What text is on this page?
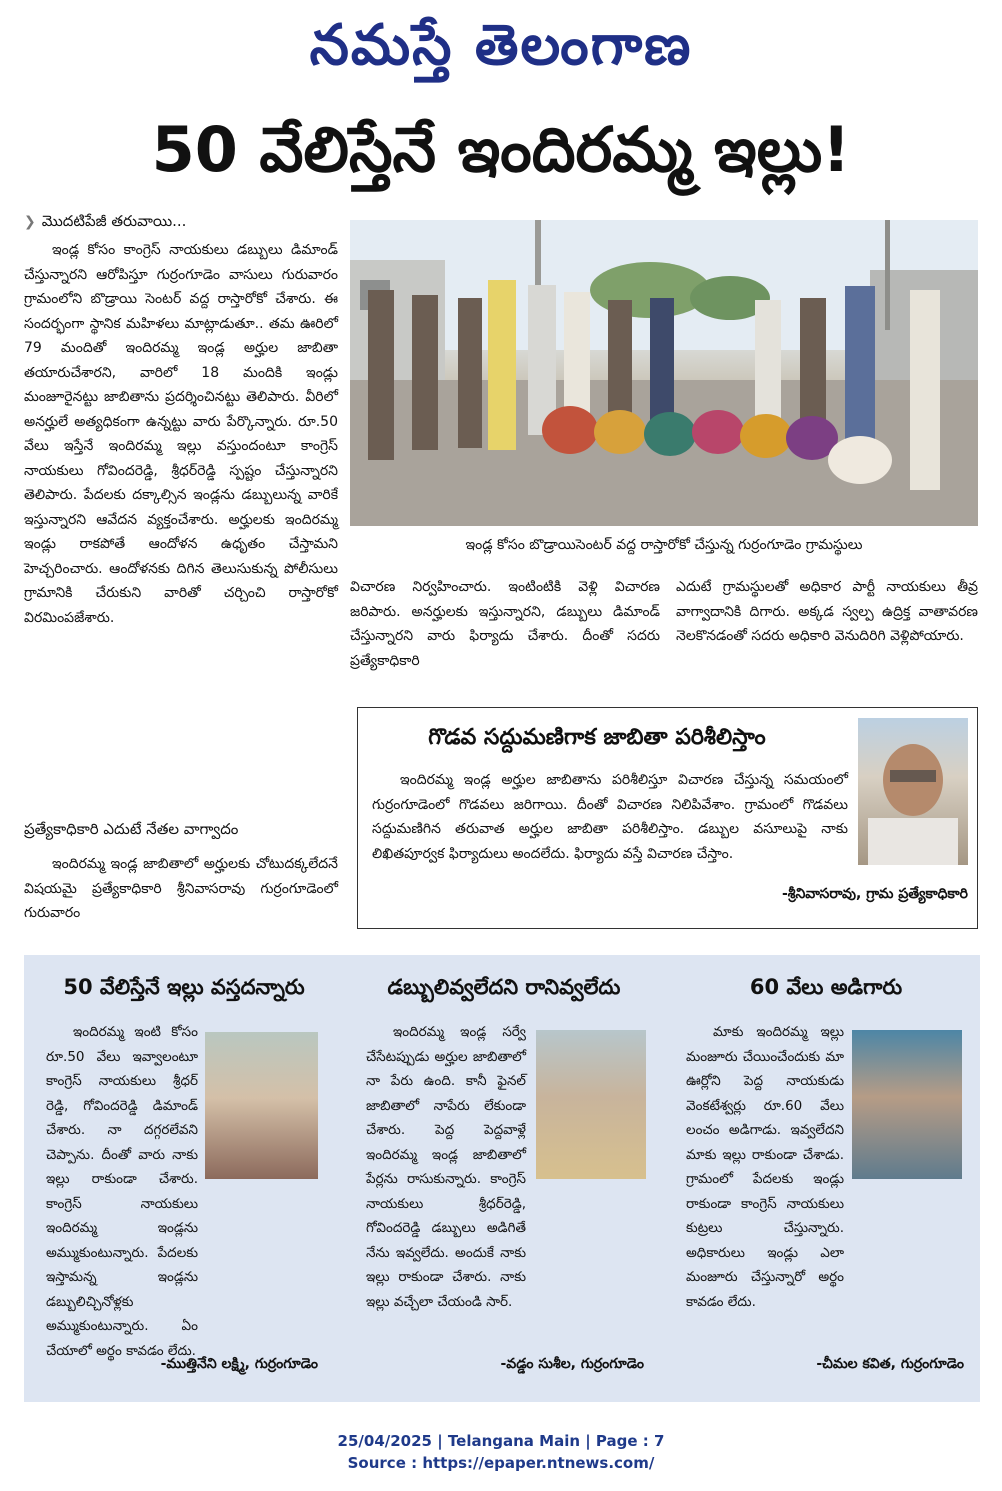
నమస్తే తెలంగాణ
50 వేలిస్తేనే ఇందిరమ్మ ఇల్లు!
❯ మొదటిపేజీ తరువాయి...

ఇండ్ల కోసం కాంగ్రెస్ నాయకులు డబ్బులు డిమాండ్ చేస్తున్నారని ఆరోపిస్తూ గుర్రంగూడెం వాసులు గురువారం గ్రామంలోని బొడ్రాయి సెంటర్ వద్ద రాస్తారోకో చేశారు. ఈ సందర్భంగా స్థానిక మహిళలు మాట్లాడుతూ.. తమ ఊరిలో 79 మందితో ఇందిరమ్మ ఇండ్ల అర్హుల జాబితా తయారుచేశారని, వారిలో 18 మందికి ఇండ్లు మంజూరైనట్టు జాబితాను ప్రదర్శించినట్టు తెలిపారు. వీరిలో అనర్హులే అత్యధికంగా ఉన్నట్టు వారు పేర్కొన్నారు. రూ.50 వేలు ఇస్తేనే ఇందిరమ్మ ఇల్లు వస్తుందంటూ కాంగ్రెస్ నాయకులు గోవిందరెడ్డి, శ్రీధర్‌రెడ్డి స్పష్టం చేస్తున్నారని తెలిపారు. పేదలకు దక్కాల్సిన ఇండ్లను డబ్బులున్న వారికే ఇస్తున్నారని ఆవేదన వ్యక్తంచేశారు. అర్హులకు ఇందిరమ్మ ఇండ్లు రాకపోతే ఆందోళన ఉధృతం చేస్తామని హెచ్చరించారు. ఆందోళనకు దిగిన తెలుసుకున్న పోలీసులు గ్రామానికి చేరుకుని వారితో చర్చించి రాస్తారోకో విరమింపజేశారు.

ప్రత్యేకాధికారి ఎదుటే నేతల వాగ్వాదం

ఇందిరమ్మ ఇండ్ల జాబితాలో అర్హులకు చోటుదక్కలేదనే విషయమై ప్రత్యేకాధికారి శ్రీనివాసరావు గుర్రంగూడెంలో గురువారం

ఇండ్ల కోసం బొడ్రాయిసెంటర్ వద్ద రాస్తారోకో చేస్తున్న గుర్రంగూడెం గ్రామస్థులు

విచారణ నిర్వహించారు. ఇంటింటికి వెళ్లి విచారణ జరిపారు. అనర్హులకు ఇస్తున్నారని, డబ్బులు డిమాండ్ చేస్తున్నారని వారు ఫిర్యాదు చేశారు. దీంతో సదరు ప్రత్యేకాధికారి

ఎదుటే గ్రామస్థులతో అధికార పార్టీ నాయకులు తీవ్ర వాగ్వాదానికి దిగారు. అక్కడ స్వల్ప ఉద్రిక్త వాతావరణ నెలకొనడంతో సదరు అధికారి వెనుదిరిగి వెళ్లిపోయారు.

గొడవ సద్దుమణిగాక జాబితా పరిశీలిస్తాం

ఇందిరమ్మ ఇండ్ల అర్హుల జాబితాను పరిశీలిస్తూ విచారణ చేస్తున్న సమయంలో గుర్రంగూడెంలో గొడవలు జరిగాయి. దీంతో విచారణ నిలిపివేశాం. గ్రామంలో గొడవలు సద్దుమణిగిన తరువాత అర్హుల జాబితా పరిశీలిస్తాం. డబ్బుల వసూలుపై నాకు లిఖితపూర్వక ఫిర్యాదులు అందలేదు. ఫిర్యాదు వస్తే విచారణ చేస్తాం.

-శ్రీనివాసరావు, గ్రామ ప్రత్యేకాధికారి
50 వేలిస్తేనే ఇల్లు వస్తదన్నారు

ఇందిరమ్మ ఇంటి కోసం రూ.50 వేలు ఇవ్వాలంటూ కాంగ్రెస్ నాయకులు శ్రీధర్ రెడ్డి, గోవిందరెడ్డి డిమాండ్ చేశారు. నా దగ్గరలేవని చెప్పాను. దీంతో వారు నాకు ఇల్లు రాకుండా చేశారు. కాంగ్రెస్ నాయకులు ఇందిరమ్మ ఇండ్లను అమ్ముకుంటున్నారు. పేదలకు ఇస్తామన్న ఇండ్లను డబ్బులిచ్చినోళ్లకు అమ్ముకుంటున్నారు. ఏం చేయాలో అర్థం కావడం లేదు.

-ముత్తినేని లక్ష్మి, గుర్రంగూడెం
డబ్బులివ్వలేదని రానివ్వలేదు

ఇందిరమ్మ ఇండ్ల సర్వే చేసేటప్పుడు అర్హుల జాబితాలో నా పేరు ఉంది. కానీ ఫైనల్ జాబితాలో నాపేరు లేకుండా చేశారు. పెద్ద పెద్దవాళ్లే ఇందిరమ్మ ఇండ్ల జాబితాలో పేర్లను రాసుకున్నారు. కాంగ్రెస్ నాయకులు శ్రీధర్‌రెడ్డి, గోవిందరెడ్డి డబ్బులు అడిగితే నేను ఇవ్వలేదు. అందుకే నాకు ఇల్లు రాకుండా చేశారు. నాకు ఇల్లు వచ్చేలా చేయండి సార్.

-వడ్డం సుశీల, గుర్రంగూడెం
60 వేలు అడిగారు

మాకు ఇందిరమ్మ ఇల్లు మంజూరు చేయించేందుకు మా ఊర్లోని పెద్ద నాయకుడు వెంకటేశ్వర్లు రూ.60 వేలు లంచం అడిగాడు. ఇవ్వలేదని మాకు ఇల్లు రాకుండా చేశాడు. గ్రామంలో పేదలకు ఇండ్లు రాకుండా కాంగ్రెస్ నాయకులు కుట్రలు చేస్తున్నారు. అధికారులు ఇండ్లు ఎలా మంజూరు చేస్తున్నారో అర్థం కావడం లేదు.

-చీమల కవిత, గుర్రంగూడెం
25/04/2025 | Telangana Main | Page : 7
Source : https://epaper.ntnews.com/
